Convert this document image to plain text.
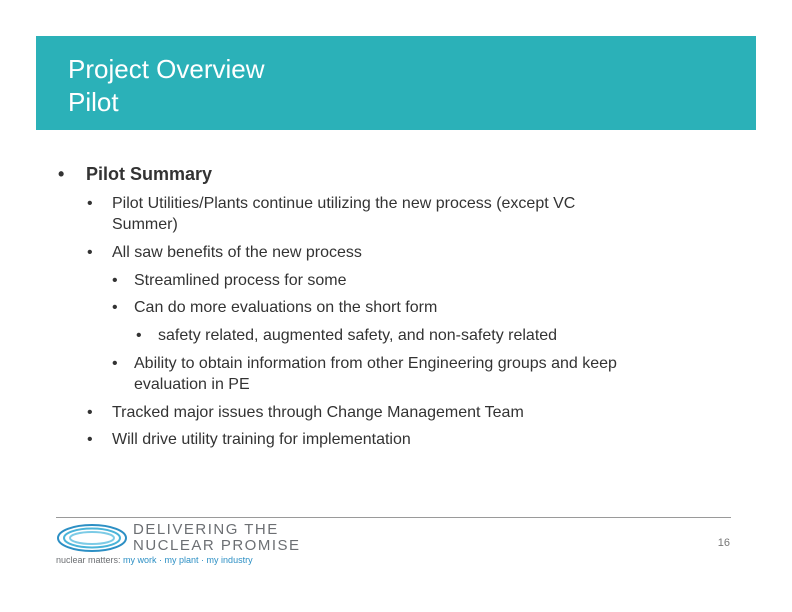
Project Overview
Pilot
• Pilot Summary
• Pilot Utilities/Plants continue utilizing the new process (except VC
Summer)
• All saw benefits of the new process
• Streamlined process for some
• Can do more evaluations on the short form
• safety related, augmented safety, and non-safety related
• Ability to obtain information from other Engineering groups and keep
evaluation in PE
• Tracked major issues through Change Management Team
• Will drive utility training for implementation
DELIVERING THE
NUCLEAR PROMISE
nuclear matters: my work · my plant · my industry
16
